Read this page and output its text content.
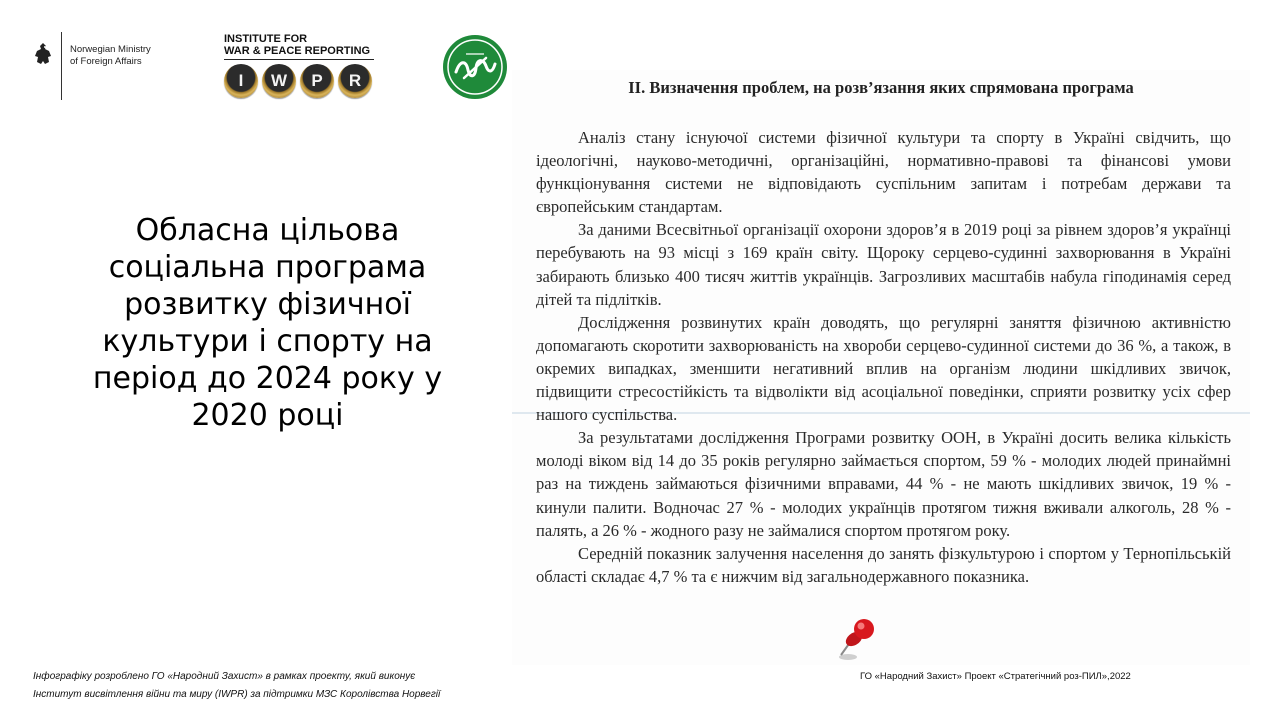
Norwegian Ministry
of Foreign Affairs
INSTITUTE FOR
WAR & PEACE REPORTING
I	W	P	R
Обласна цільова
соціальна програма
розвитку фізичної
культури і спорту на
період до 2024 року у
2020 році
ІІ. Визначення проблем, на розв’язання яких спрямована програма

Аналіз стану існуючої системи фізичної культури та спорту в Україні свідчить, що ідеологічні, науково-методичні, організаційні, нормативно-правові та фінансові умови функціонування системи не відповідають суспільним запитам і потребам держави та європейським стандартам.

За даними Всесвітньої організації охорони здоров’я в 2019 році за рівнем здоров’я українці перебувають на 93 місці з 169 країн світу. Щороку серцево-судинні захворювання в Україні забирають близько 400 тисяч життів українців. Загрозливих масштабів набула гіподинамія серед дітей та підлітків.

Дослідження розвинутих країн доводять, що регулярні заняття фізичною активністю допомагають скоротити захворюваність на хвороби серцево-судинної системи до 36 %, а також, в окремих випадках, зменшити негативний вплив на організм людини шкідливих звичок, підвищити стресостійкість та відволікти від асоціальної поведінки, сприяти розвитку усіх сфер нашого суспільства.

За результатами дослідження Програми розвитку ООН, в Україні досить велика кількість молоді віком від 14 до 35 років регулярно займається спортом, 59 % - молодих людей принаймні раз на тиждень займаються фізичними вправами, 44 % - не мають шкідливих звичок, 19 % - кинули палити. Водночас 27 % - молодих українців протягом тижня вживали алкоголь, 28 % - палять, а 26 % - жодного разу не займалися спортом протягом року.

Середній показник залучення населення до занять фізкультурою і спортом у Тернопільській області складає 4,7 % та є нижчим від загальнодержавного показника.

Інфографіку розроблено ГО «Народний Захист» в рамках проекту, який виконує
Інститут висвітлення війни та миру (IWPR) за підтримки МЗС Королівства Норвегії
ГО «Народний Захист» Проект «Стратегічний роз-ПИЛ»,2022
